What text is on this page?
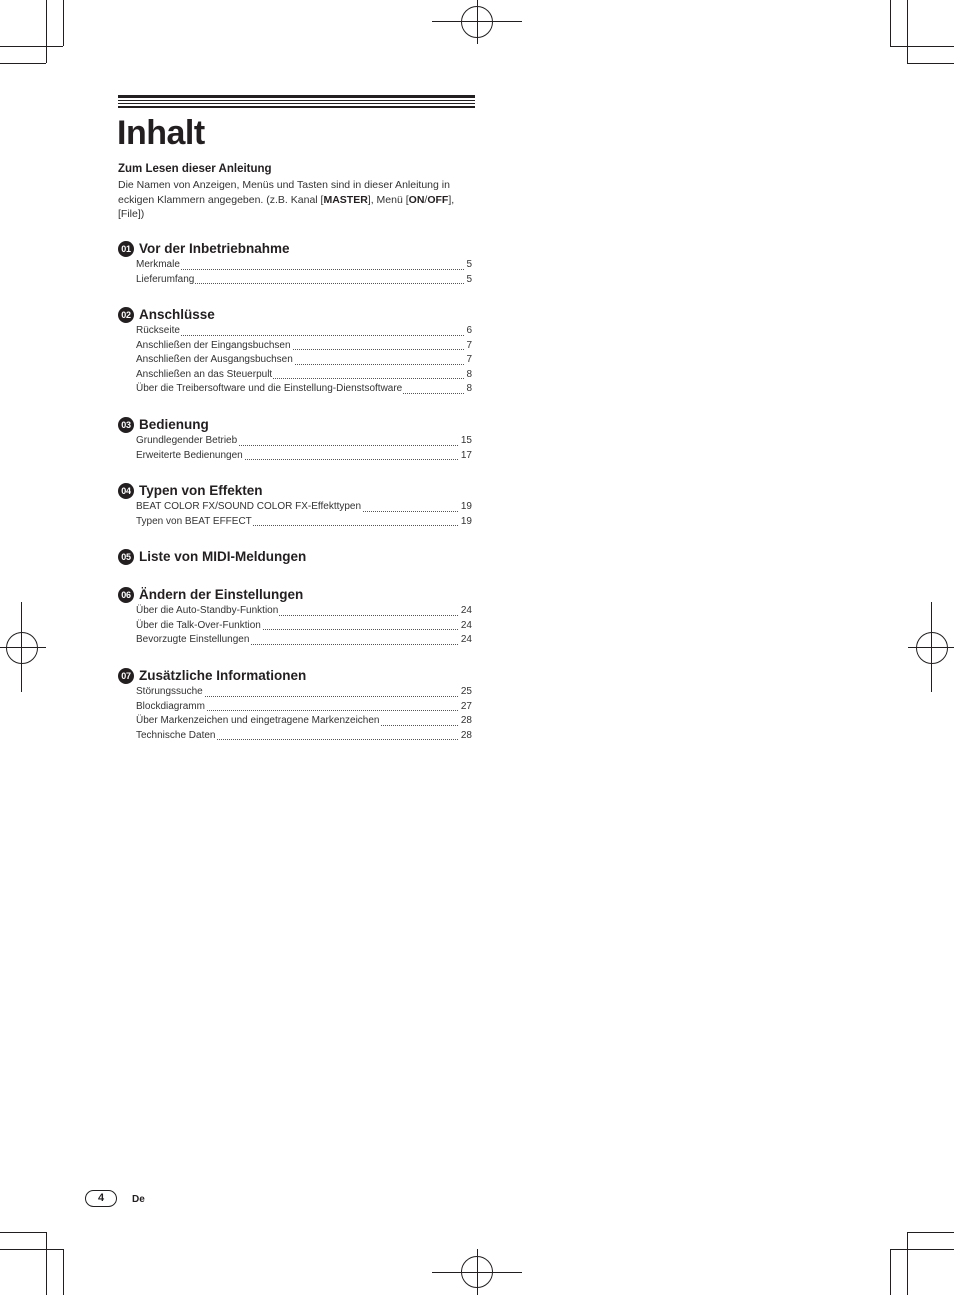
Inhalt

Zum Lesen dieser Anleitung

Die Namen von Anzeigen, Menüs und Tasten sind in dieser Anleitung in eckigen Klammern angegeben. (z.B. Kanal [MASTER], Menü [ON/OFF], [File])

01 Vor der Inbetriebnahme
Merkmale	5
Lieferumfang	5
02 Anschlüsse
Rückseite	6
Anschließen der Eingangsbuchsen	7
Anschließen der Ausgangsbuchsen	7
Anschließen an das Steuerpult	8
Über die Treibersoftware und die Einstellung-Dienstsoftware	8
03 Bedienung
Grundlegender Betrieb	15
Erweiterte Bedienungen	17
04 Typen von Effekten
BEAT COLOR FX/SOUND COLOR FX-Effekttypen	19
Typen von BEAT EFFECT	19
05 Liste von MIDI-Meldungen
06 Ändern der Einstellungen
Über die Auto-Standby-Funktion	24
Über die Talk-Over-Funktion	24
Bevorzugte Einstellungen	24
07 Zusätzliche Informationen
Störungssuche	25
Blockdiagramm	27
Über Markenzeichen und eingetragene Markenzeichen	28
Technische Daten	28
4	De
